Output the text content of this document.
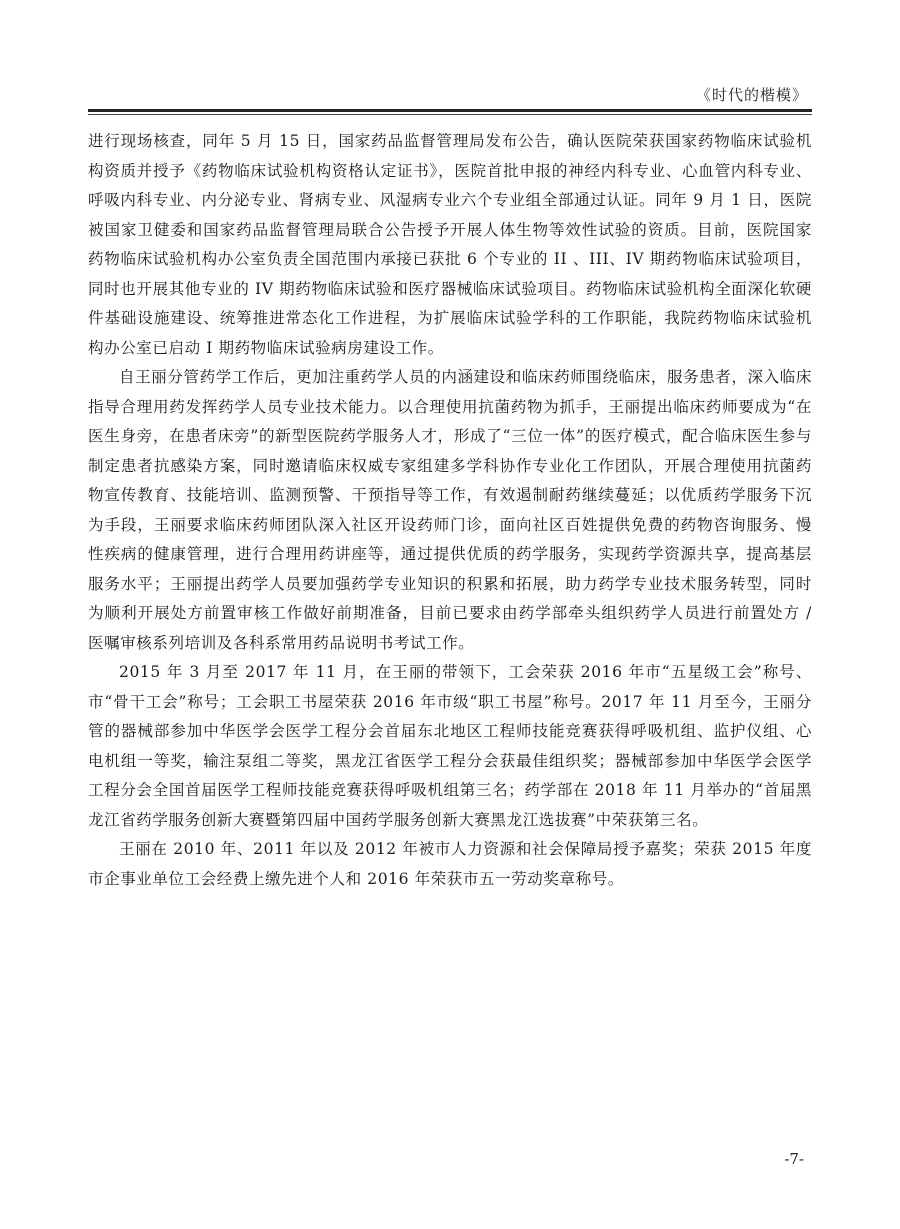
《时代的楷模》

进行现场核查，同年 5 月 15 日，国家药品监督管理局发布公告，确认医院荣获国家药物临床试验机构资质并授予《药物临床试验机构资格认定证书》，医院首批申报的神经内科专业、心血管内科专业、呼吸内科专业、内分泌专业、肾病专业、风湿病专业六个专业组全部通过认证。同年 9 月 1 日，医院被国家卫健委和国家药品监督管理局联合公告授予开展人体生物等效性试验的资质。目前，医院国家药物临床试验机构办公室负责全国范围内承接已获批 6 个专业的 II 、III、IV 期药物临床试验项目，同时也开展其他专业的 IV 期药物临床试验和医疗器械临床试验项目。药物临床试验机构全面深化软硬件基础设施建设、统筹推进常态化工作进程，为扩展临床试验学科的工作职能，我院药物临床试验机构办公室已启动 I 期药物临床试验病房建设工作。

自王丽分管药学工作后，更加注重药学人员的内涵建设和临床药师围绕临床，服务患者，深入临床指导合理用药发挥药学人员专业技术能力。以合理使用抗菌药物为抓手，王丽提出临床药师要成为“在医生身旁，在患者床旁”的新型医院药学服务人才，形成了“三位一体”的医疗模式，配合临床医生参与制定患者抗感染方案，同时邀请临床权威专家组建多学科协作专业化工作团队，开展合理使用抗菌药物宣传教育、技能培训、监测预警、干预指导等工作，有效遏制耐药继续蔓延；以优质药学服务下沉为手段，王丽要求临床药师团队深入社区开设药师门诊，面向社区百姓提供免费的药物咨询服务、慢性疾病的健康管理，进行合理用药讲座等，通过提供优质的药学服务，实现药学资源共享，提高基层服务水平；王丽提出药学人员要加强药学专业知识的积累和拓展，助力药学专业技术服务转型，同时为顺利开展处方前置审核工作做好前期准备，目前已要求由药学部牵头组织药学人员进行前置处方 / 医嘱审核系列培训及各科系常用药品说明书考试工作。

2015 年 3 月至 2017 年 11 月，在王丽的带领下，工会荣获 2016 年市“五星级工会”称号、市“骨干工会”称号；工会职工书屋荣获 2016 年市级“职工书屋”称号。2017 年 11 月至今，王丽分管的器械部参加中华医学会医学工程分会首届东北地区工程师技能竞赛获得呼吸机组、监护仪组、心电机组一等奖，输注泵组二等奖，黑龙江省医学工程分会获最佳组织奖；器械部参加中华医学会医学工程分会全国首届医学工程师技能竞赛获得呼吸机组第三名；药学部在 2018 年 11 月举办的“首届黑龙江省药学服务创新大赛暨第四届中国药学服务创新大赛黑龙江选拔赛”中荣获第三名。

王丽在 2010 年、2011 年以及 2012 年被市人力资源和社会保障局授予嘉奖；荣获 2015 年度市企事业单位工会经费上缴先进个人和 2016 年荣获市五一劳动奖章称号。

-7-
